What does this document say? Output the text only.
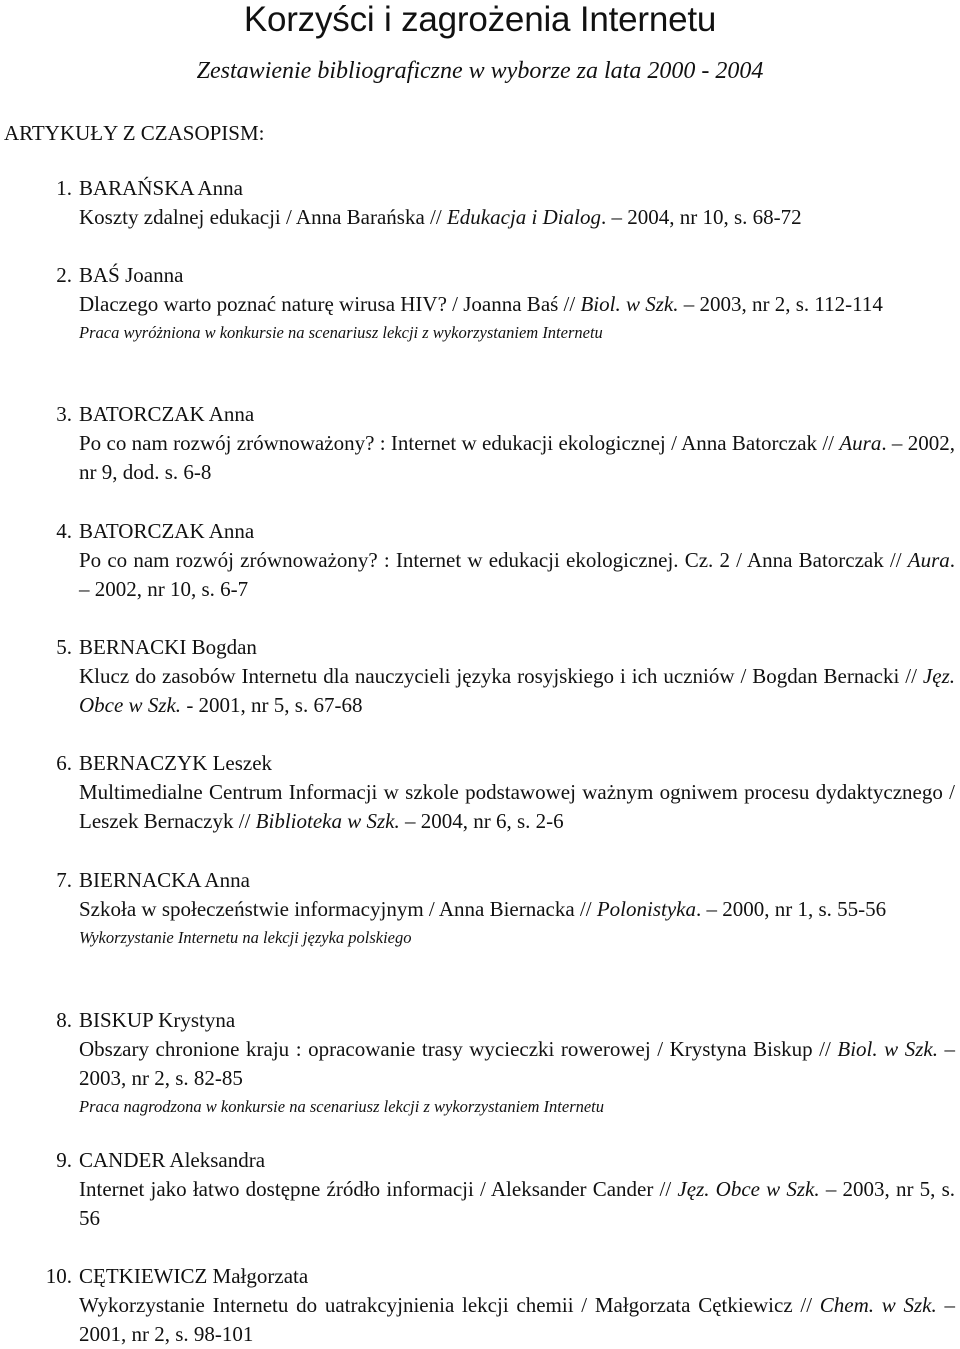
Korzyści i zagrożenia Internetu
Zestawienie bibliograficzne w wyborze za lata 2000 - 2004
ARTYKUŁY Z CZASOPISM:
1. BARAŃSKA Anna
Koszty zdalnej edukacji / Anna Barańska // Edukacja i Dialog. – 2004, nr 10, s. 68-72
2. BAŚ Joanna
Dlaczego warto poznać naturę wirusa HIV? / Joanna Baś // Biol. w Szk. – 2003, nr 2, s. 112-114
Praca wyróżniona w konkursie na scenariusz lekcji z wykorzystaniem Internetu
3. BATORCZAK Anna
Po co nam rozwój zrównoważony? : Internet w edukacji ekologicznej / Anna Batorczak // Aura. – 2002, nr 9, dod. s. 6-8
4. BATORCZAK Anna
Po co nam rozwój zrównoważony? : Internet w edukacji ekologicznej. Cz. 2 / Anna Batorczak // Aura. – 2002, nr 10, s. 6-7
5. BERNACKI Bogdan
Klucz do zasobów Internetu dla nauczycieli języka rosyjskiego i ich uczniów / Bogdan Bernacki // Jęz. Obce w Szk. - 2001, nr 5, s. 67-68
6. BERNACZYK Leszek
Multimedialne Centrum Informacji w szkole podstawowej ważnym ogniwem procesu dydaktycznego / Leszek Bernaczyk // Biblioteka w Szk. – 2004, nr 6, s. 2-6
7. BIERNACKA Anna
Szkoła w społeczeństwie informacyjnym / Anna Biernacka // Polonistyka. – 2000, nr 1, s. 55-56
Wykorzystanie Internetu na lekcji języka polskiego
8. BISKUP Krystyna
Obszary chronione kraju : opracowanie trasy wycieczki rowerowej / Krystyna Biskup // Biol. w Szk. – 2003, nr 2, s. 82-85
Praca nagrodzona w konkursie na scenariusz lekcji z wykorzystaniem Internetu
9. CANDER Aleksandra
Internet jako łatwo dostępne źródło informacji / Aleksander Cander // Jęz. Obce w Szk. – 2003, nr 5, s. 56
10. CĘTKIEWICZ Małgorzata
Wykorzystanie Internetu do uatrakcyjnienia lekcji chemii / Małgorzata Cętkiewicz // Chem. w Szk. – 2001, nr 2, s. 98-101
